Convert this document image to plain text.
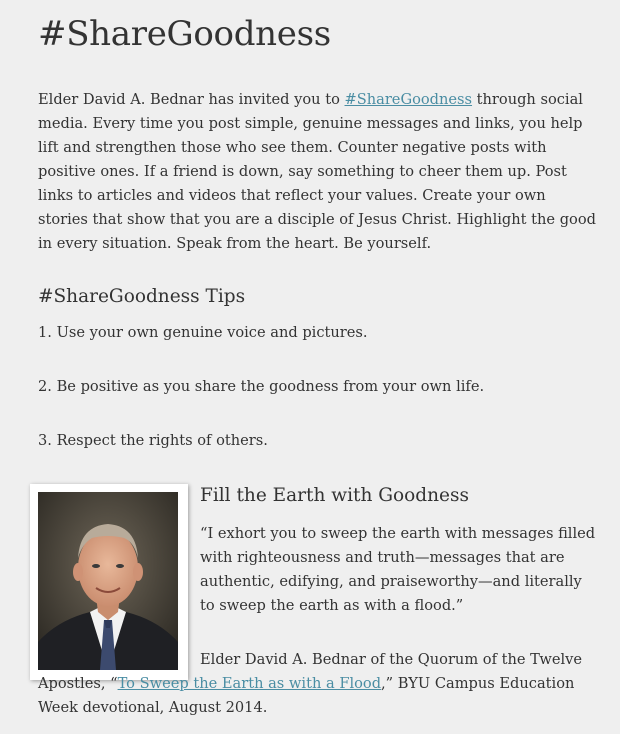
#ShareGoodness

Elder David A. Bednar has invited you to #ShareGoodness through social media. Every time you post simple, genuine messages and links, you help lift and strengthen those who see them. Counter negative posts with positive ones. If a friend is down, say something to cheer them up. Post links to articles and videos that reflect your values. Create your own stories that show that you are a disciple of Jesus Christ. Highlight the good in every situation. Speak from the heart. Be yourself.

#ShareGoodness Tips

1. Use your own genuine voice and pictures.

2. Be positive as you share the goodness from your own life.

3. Respect the rights of others.

Fill the Earth with Goodness

“I exhort you to sweep the earth with messages filled with righteousness and truth—messages that are authentic, edifying, and praiseworthy—and literally to sweep the earth as with a flood.”

Elder David A. Bednar of the Quorum of the Twelve Apostles, “To Sweep the Earth as with a Flood,” BYU Campus Education Week devotional, August 2014.
